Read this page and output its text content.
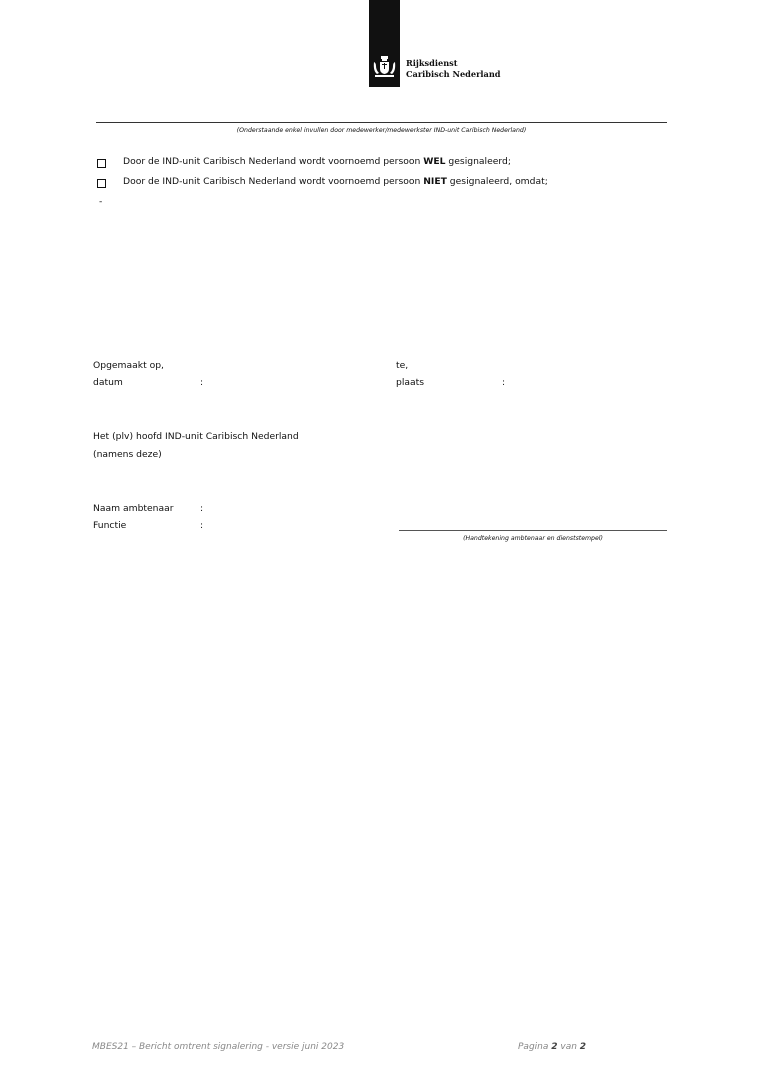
Rijksdienst
Caribisch Nederland
(Onderstaande enkel invullen door medewerker/medewerkster IND-unit Caribisch Nederland)
Door de IND-unit Caribisch Nederland wordt voornoemd persoon WEL gesignaleerd;
Door de IND-unit Caribisch Nederland wordt voornoemd persoon NIET gesignaleerd, omdat;
-
Opgemaakt op,
datum	:
te,
plaats	:
Het (plv) hoofd IND-unit Caribisch Nederland
(namens deze)
Naam ambtenaar	:
Functie	:
(Handtekening ambtenaar en dienststempel)
MBES21 – Bericht omtrent signalering - versie juni 2023	Pagina 2 van 2
